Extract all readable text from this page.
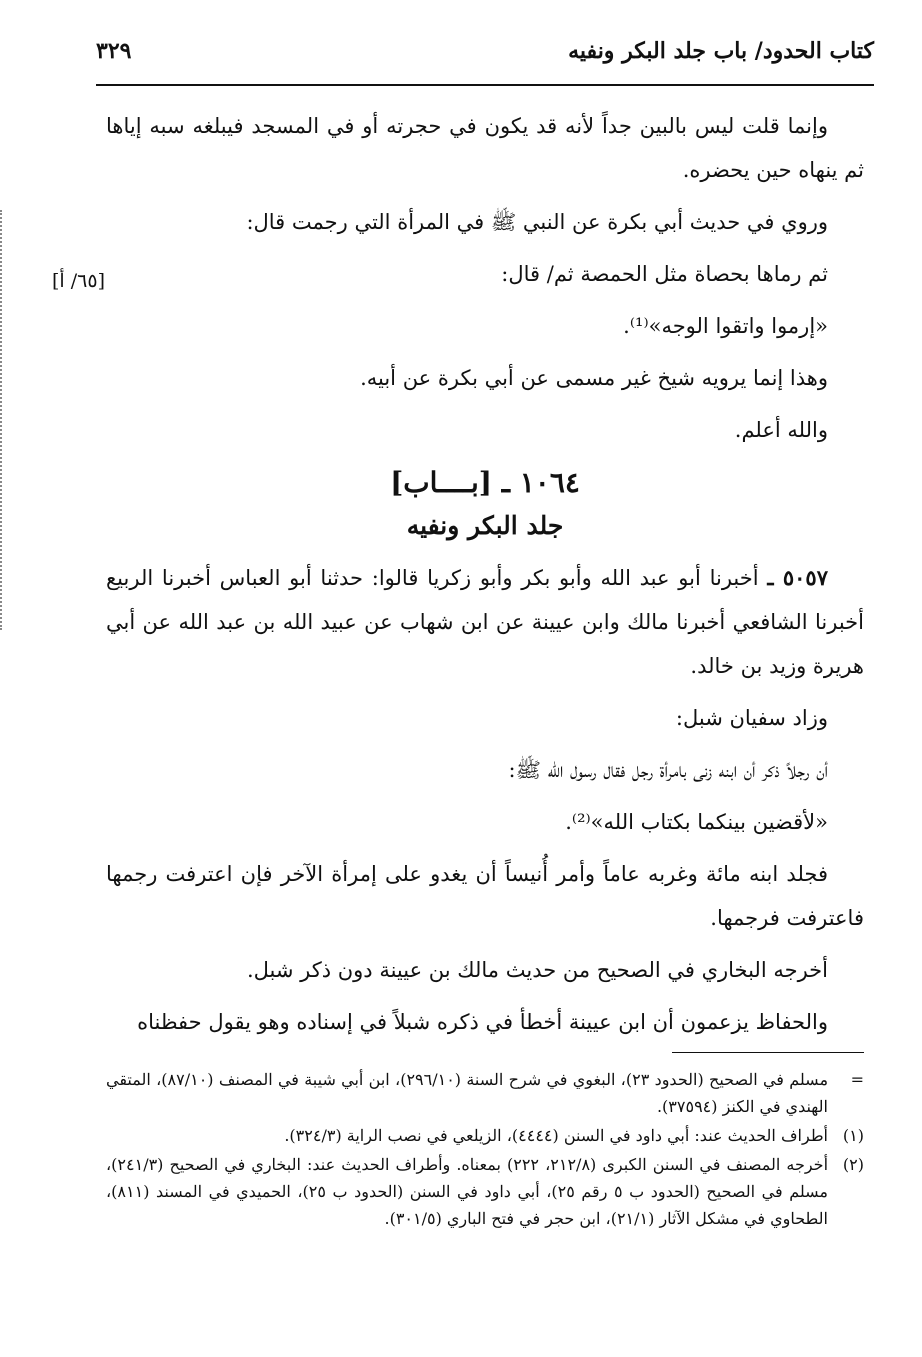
كتاب الحدود/ باب جلد البكر ونفيه
٣٢٩
[٦٥/ أ]

وإنما قلت ليس بالبين جداً لأنه قد يكون في حجرته أو في المسجد فيبلغه سبه إياها ثم ينهاه حين يحضره.

وروي في حديث أبي بكرة عن النبي ﷺ في المرأة التي رجمت قال:

ثم رماها بحصاة مثل الحمصة ثم/ قال:

«إرموا واتقوا الوجه»⁽¹⁾.

وهذا إنما يرويه شيخ غير مسمى عن أبي بكرة عن أبيه.

والله أعلم.

١٠٦٤ ـ [بــــاب]
جلد البكر ونفيه

٥٠٥٧ ـ أخبرنا أبو عبد الله وأبو بكر وأبو زكريا قالوا: حدثنا أبو العباس أخبرنا الربيع أخبرنا الشافعي أخبرنا مالك وابن عيينة عن ابن شهاب عن عبيد الله بن عبد الله عن أبي هريرة وزيد بن خالد.

وزاد سفيان شبل:

أن رجلاً ذكر أن ابنه زنى بامرأة رجل فقال رسول الله ﷺ:

«لأقضين بينكما بكتاب الله»⁽²⁾.

فجلد ابنه مائة وغربه عاماً وأمر أُنيساً أن يغدو على إمرأة الآخر فإن اعترفت رجمها فاعترفت فرجمها.

أخرجه البخاري في الصحيح من حديث مالك بن عيينة دون ذكر شبل.

والحفاظ يزعمون أن ابن عيينة أخطأ في ذكره شبلاً في إسناده وهو يقول حفظناه

=
مسلم في الصحيح (الحدود ٢٣)، البغوي في شرح السنة (٢٩٦/١٠)، ابن أبي شيبة في المصنف (٨٧/١٠)، المتقي الهندي في الكنز (٣٧٥٩٤).
(١)
أطراف الحديث عند: أبي داود في السنن (٤٤٤٤)، الزيلعي في نصب الراية (٣٢٤/٣).
(٢)
أخرجه المصنف في السنن الكبرى (٢١٢/٨، ٢٢٢) بمعناه. وأطراف الحديث عند: البخاري في الصحيح (٢٤١/٣)، مسلم في الصحيح (الحدود ب ٥ رقم ٢٥)، أبي داود في السنن (الحدود ب ٢٥)، الحميدي في المسند (٨١١)، الطحاوي في مشكل الآثار (٢١/١)، ابن حجر في فتح الباري (٣٠١/٥).
